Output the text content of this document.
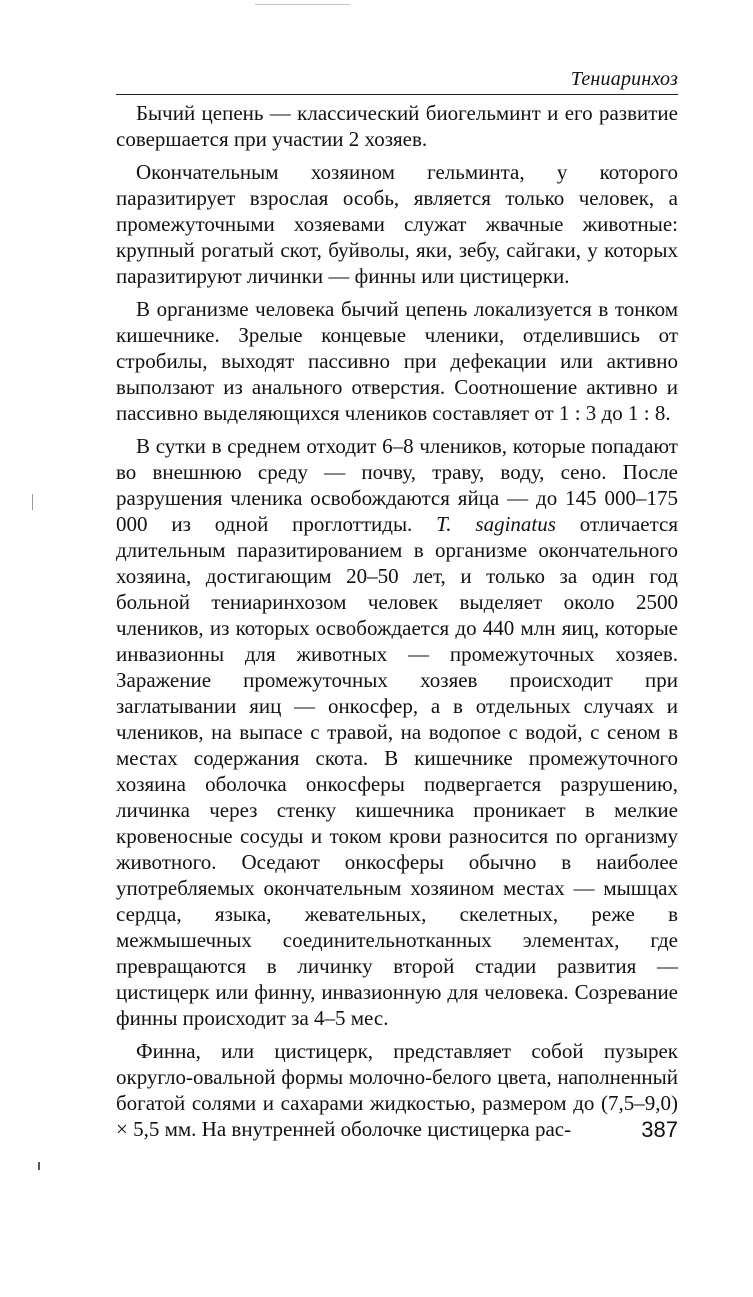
Тениаринхоз

Бычий цепень — классический биогельминт и его развитие совершается при участии 2 хозяев.

Окончательным хозяином гельминта, у которого паразитирует взрослая особь, является только человек, а промежуточными хозяевами служат жвачные животные: крупный рогатый скот, буйволы, яки, зебу, сайгаки, у которых паразитируют личинки — финны или цистицерки.

В организме человека бычий цепень локализуется в тонком кишечнике. Зрелые концевые членики, отделившись от стробилы, выходят пассивно при дефекации или активно выползают из анального отверстия. Соотношение активно и пассивно выделяющихся члеников составляет от 1 : 3 до 1 : 8.

В сутки в среднем отходит 6–8 члеников, которые попадают во внешнюю среду — почву, траву, воду, сено. После разрушения членика освобождаются яйца — до 145 000–175 000 из одной проглоттиды. T. saginatus отличается длительным паразитированием в организме окончательного хозяина, достигающим 20–50 лет, и только за один год больной тениаринхозом человек выделяет около 2500 члеников, из которых освобождается до 440 млн яиц, которые инвазионны для животных — промежуточных хозяев. Заражение промежуточных хозяев происходит при заглатывании яиц — онкосфер, а в отдельных случаях и члеников, на выпасе с травой, на водопое с водой, с сеном в местах содержания скота. В кишечнике промежуточного хозяина оболочка онкосферы подвергается разрушению, личинка через стенку кишечника проникает в мелкие кровеносные сосуды и током крови разносится по организму животного. Оседают онкосферы обычно в наиболее употребляемых окончательным хозяином местах — мышцах сердца, языка, жевательных, скелетных, реже в межмышечных соединительнотканных элементах, где превращаются в личинку второй стадии развития — цистицерк или финну, инвазионную для человека. Созревание финны происходит за 4–5 мес.

Финна, или цистицерк, представляет собой пузырек округло-овальной формы молочно-белого цвета, наполненный богатой солями и сахарами жидкостью, размером до (7,5–9,0) × 5,5 мм. На внутренней оболочке цистицерка рас-	387
